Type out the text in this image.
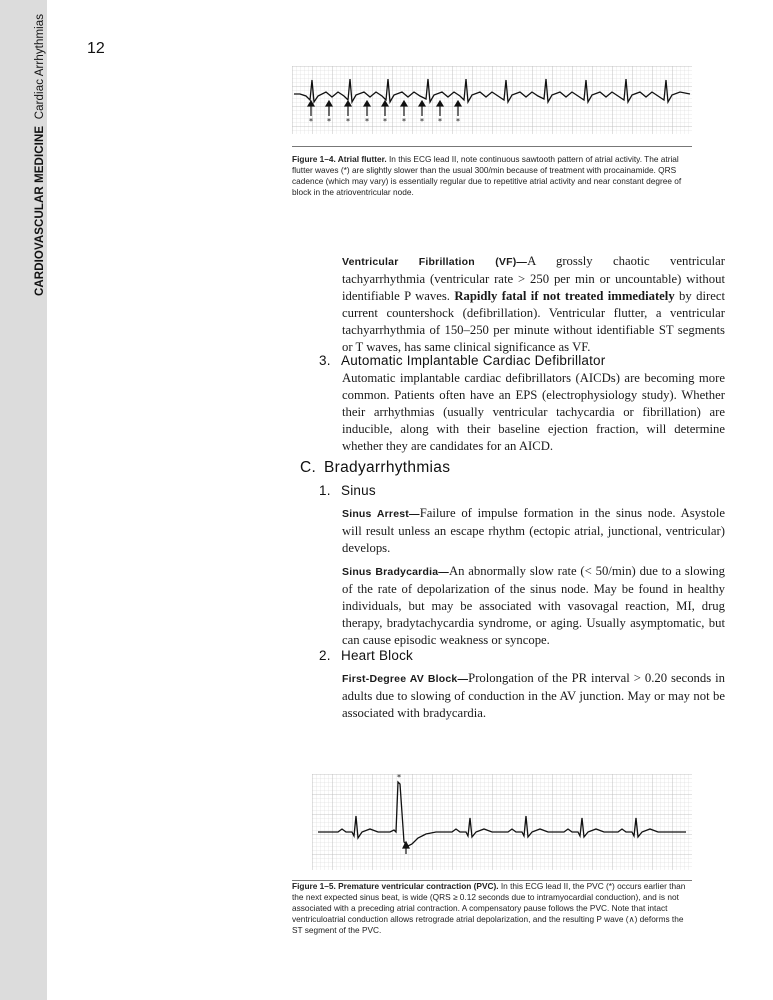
CARDIOVASCULAR MEDICINE  Cardiac Arrhythmias	12
* * * * * * * * *
Figure 1–4. Atrial flutter. In this ECG lead II, note continuous sawtooth pattern of atrial activity. The atrial flutter waves (*) are slightly slower than the usual 300/min because of treatment with procainamide. QRS cadence (which may vary) is essentially regular due to repetitive atrial activity and near constant degree of block in the atrioventricular node.
Ventricular Fibrillation (VF)—A grossly chaotic ventricular tachyarrhythmia (ventricular rate > 250 per min or uncountable) without identifiable P waves. Rapidly fatal if not treated immediately by direct current countershock (defibrillation). Ventricular flutter, a ventricular tachyarrhythmia of 150–250 per minute without identifiable ST segments or T waves, has same clinical significance as VF.
3. Automatic Implantable Cardiac Defibrillator
Automatic implantable cardiac defibrillators (AICDs) are becoming more common. Patients often have an EPS (electrophysiology study). Whether their arrhythmias (usually ventricular tachycardia or fibrillation) are inducible, along with their baseline ejection fraction, will determine whether they are candidates for an AICD.
C. Bradyarrhythmias
1. Sinus
Sinus Arrest—Failure of impulse formation in the sinus node. Asystole will result unless an escape rhythm (ectopic atrial, junctional, ventricular) develops.
Sinus Bradycardia—An abnormally slow rate (< 50/min) due to a slowing of the rate of depolarization of the sinus node. May be found in healthy individuals, but may be associated with vasovagal reaction, MI, drug therapy, bradytachycardia syndrome, or aging. Usually asymptomatic, but can cause episodic weakness or syncope.
2. Heart Block
First-Degree AV Block—Prolongation of the PR interval > 0.20 seconds in adults due to slowing of conduction in the AV junction. May or may not be associated with bradycardia.
*
Figure 1–5. Premature ventricular contraction (PVC). In this ECG lead II, the PVC (*) occurs earlier than the next expected sinus beat, is wide (QRS ≥ 0.12 seconds due to intramyocardial conduction), and is not associated with a preceding atrial contraction. A compensatory pause follows the PVC. Note that intact ventriculoatrial conduction allows retrograde atrial depolarization, and the resulting P wave (∧) deforms the ST segment of the PVC.
